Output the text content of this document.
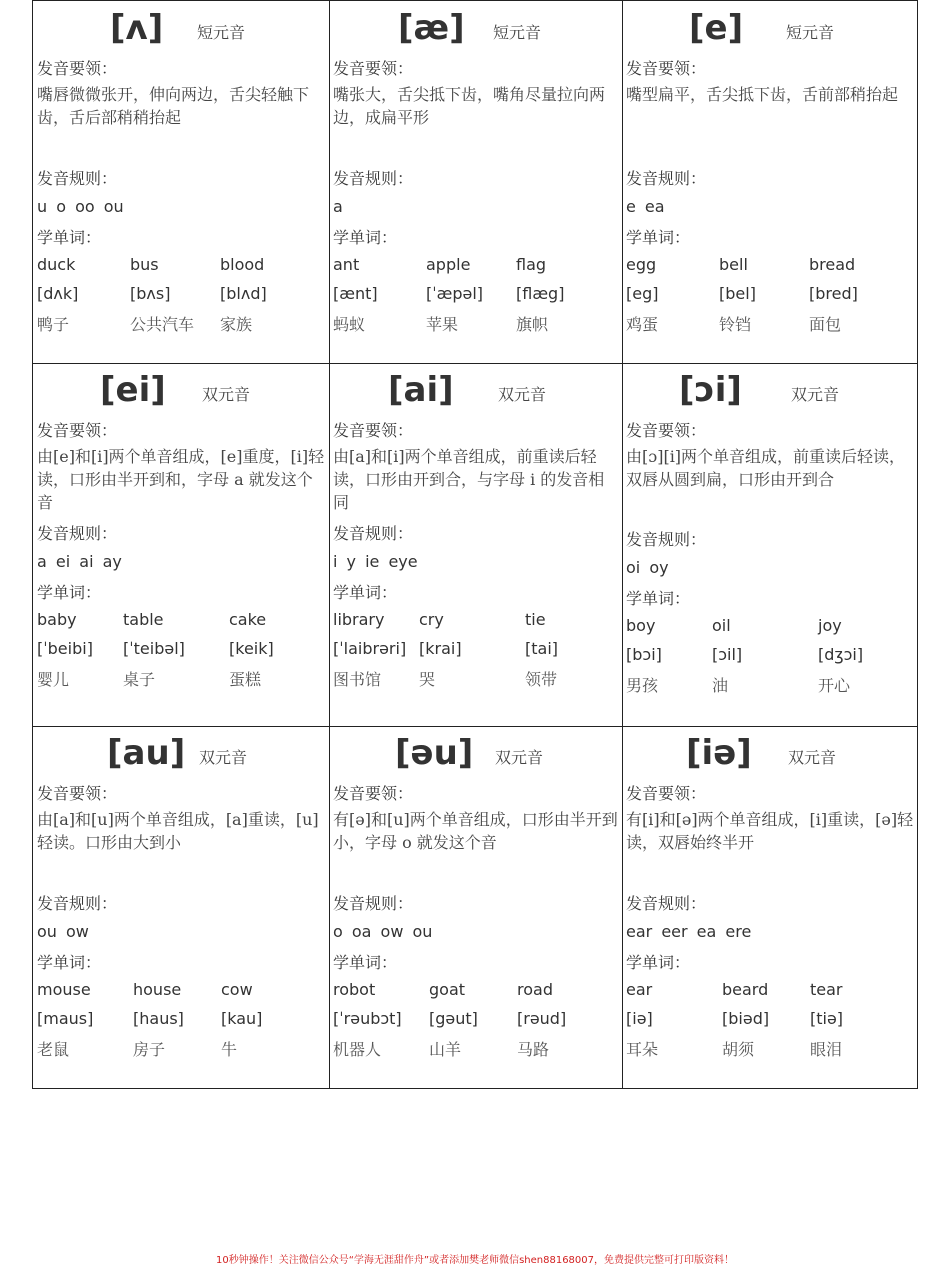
[ʌ] 短元音
发音要领：
嘴唇微微张开，伸向两边，舌尖轻触下齿，舌后部稍稍抬起
发音规则：
u o oo ou
学单词：
duck	bus	blood
[dʌk]	[bʌs]	[blʌd]
鸭子	公共汽车 家族
[æ] 短元音
发音要领：
嘴张大，舌尖抵下齿，嘴角尽量拉向两边，成扁平形
发音规则：
a
学单词：
ant	apple	flag
[ænt]	[ˈæpəl] [flæg]
蚂蚁	苹果	旗帜
[e]	短元音
发音要领：
嘴型扁平，舌尖抵下齿，舌前部稍抬起
发音规则：
e ea
学单词：
egg	bell	bread
[eg]	[bel]	[bred]
鸡蛋	铃铛	面包
[ei] 双元音
发音要领：
由[e]和[i]两个单音组成，[e]重度，[i]轻读，口形由半开到和，字母 a 就发这个音
发音规则：
a ei ai ay
学单词：
baby	table	cake
[ˈbeibi] [ˈteibəl]	[keik]
婴儿	桌子	蛋糕
[ai]	双元音
发音要领：
由[a]和[i]两个单音组成，前重读后轻读，口形由开到合，与字母 i 的发音相同
发音规则：
i y ie eye
学单词：
library cry	tie
[ˈlaibrəri] [krai]	[tai]
图书馆 哭	领带
[ɔi]	双元音
发音要领：
由[ɔ][i]两个单音组成，前重读后轻读，双唇从圆到扁，口形由开到合
发音规则：
oi oy
学单词：
boy	oil	joy
[bɔi]	[ɔil]	[dʒɔi]
男孩	油	开心
[au] 双元音
发音要领：
由[a]和[u]两个单音组成，[a]重读，[u]轻读。口形由大到小
发音规则：
ou ow
学单词：
mouse	house cow
[maus] [haus] [kau]
老鼠	房子	牛
[əu] 双元音
发音要领：
有[ə]和[u]两个单音组成，口形由半开到小，字母 o 就发这个音
发音规则：
o oa ow ou
学单词：
robot	goat	road
[ˈrəubɔt] [gəut] [rəud]
机器人	山羊	马路
[iə] 双元音
发音要领：
有[i]和[ə]两个单音组成，[i]重读，[ə]轻读，双唇始终半开
发音规则：
ear eer ea ere
学单词：
ear	beard	tear
[iə]	[biəd]	[tiə]
耳朵	胡须	眼泪
10秒钟操作！关注微信公众号“学海无涯甜作舟”或者添加樊老师微信shen88168007，免费提供完整可打印版资料！
